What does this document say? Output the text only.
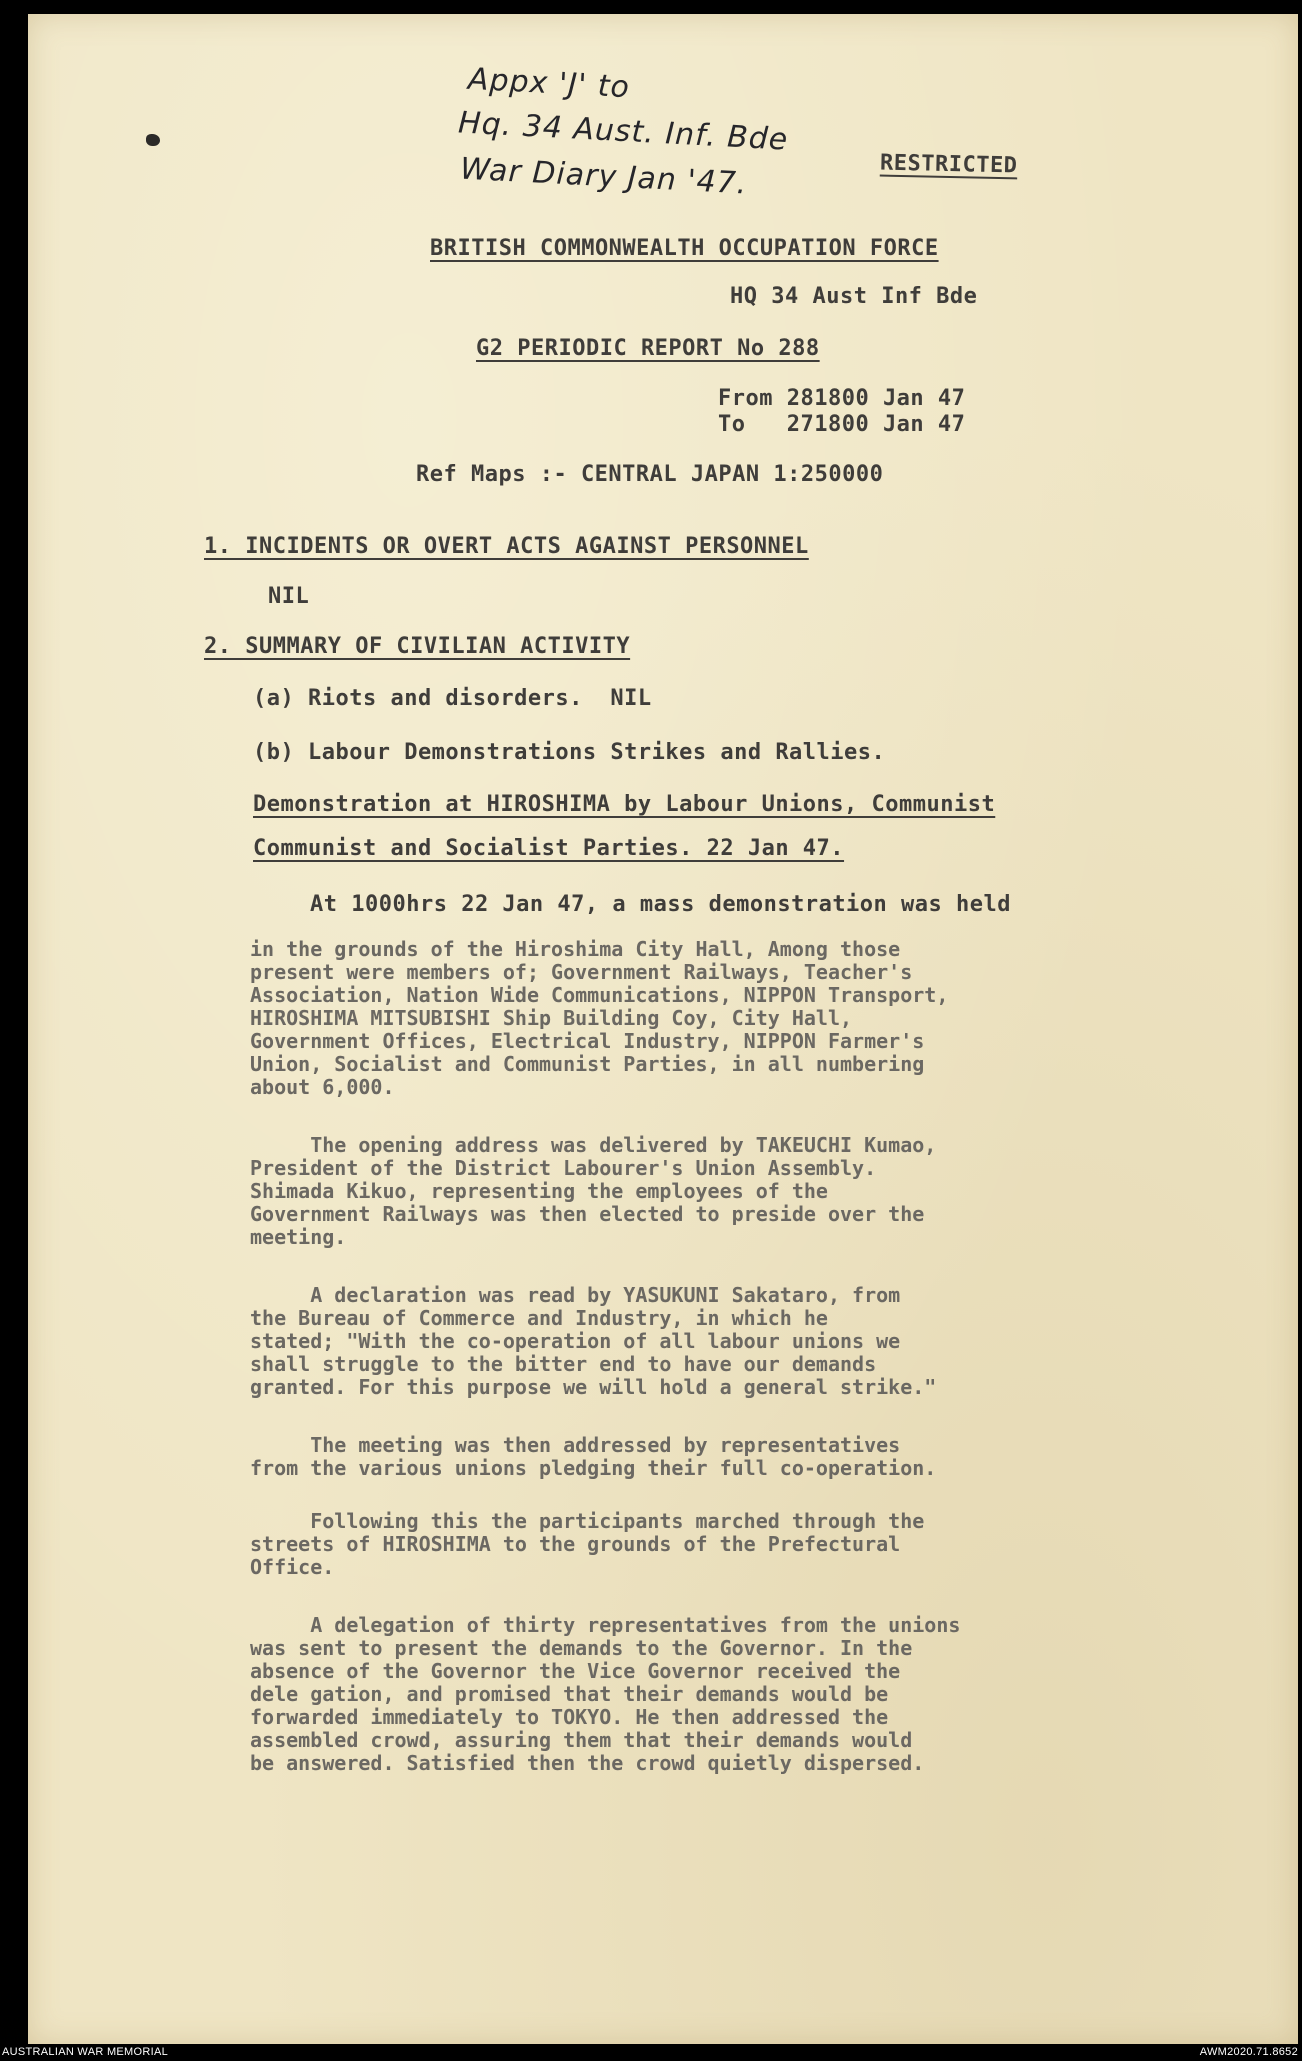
Appx 'J' to
Hq. 34 Aust. Inf. Bde
War Diary Jan '47.	RESTRICTED
BRITISH COMMONWEALTH OCCUPATION FORCE
HQ 34 Aust Inf Bde
G2 PERIODIC REPORT No 288
From 281800 Jan 47
To   271800 Jan 47
Ref Maps :- CENTRAL JAPAN 1:250000
1. INCIDENTS OR OVERT ACTS AGAINST PERSONNEL
NIL
2. SUMMARY OF CIVILIAN ACTIVITY
(a) Riots and disorders.  NIL
(b) Labour Demonstrations Strikes and Rallies.
Demonstration at HIROSHIMA by Labour Unions, Communist
Communist and Socialist Parties. 22 Jan 47.
At 1000hrs 22 Jan 47, a mass demonstration was held
in the grounds of the Hiroshima City Hall, Among those
present were members of; Government Railways, Teacher's
Association, Nation Wide Communications, NIPPON Transport,
HIROSHIMA MITSUBISHI Ship Building Coy, City Hall,
Government Offices, Electrical Industry, NIPPON Farmer's
Union, Socialist and Communist Parties, in all numbering
about 6,000.
The opening address was delivered by TAKEUCHI Kumao,
President of the District Labourer's Union Assembly.
Shimada Kikuo, representing the employees of the
Government Railways was then elected to preside over the
meeting.
A declaration was read by YASUKUNI Sakataro, from
the Bureau of Commerce and Industry, in which he
stated; "With the co-operation of all labour unions we
shall struggle to the bitter end to have our demands
granted. For this purpose we will hold a general strike."
The meeting was then addressed by representatives
from the various unions pledging their full co-operation.
Following this the participants marched through the
streets of HIROSHIMA to the grounds of the Prefectural
Office.
A delegation of thirty representatives from the unions
was sent to present the demands to the Governor. In the
absence of the Governor the Vice Governor received the
dele gation, and promised that their demands would be
forwarded immediately to TOKYO. He then addressed the
assembled crowd, assuring them that their demands would
be answered. Satisfied then the crowd quietly dispersed.
AUSTRALIAN WAR MEMORIAL	AWM2020.71.8652
